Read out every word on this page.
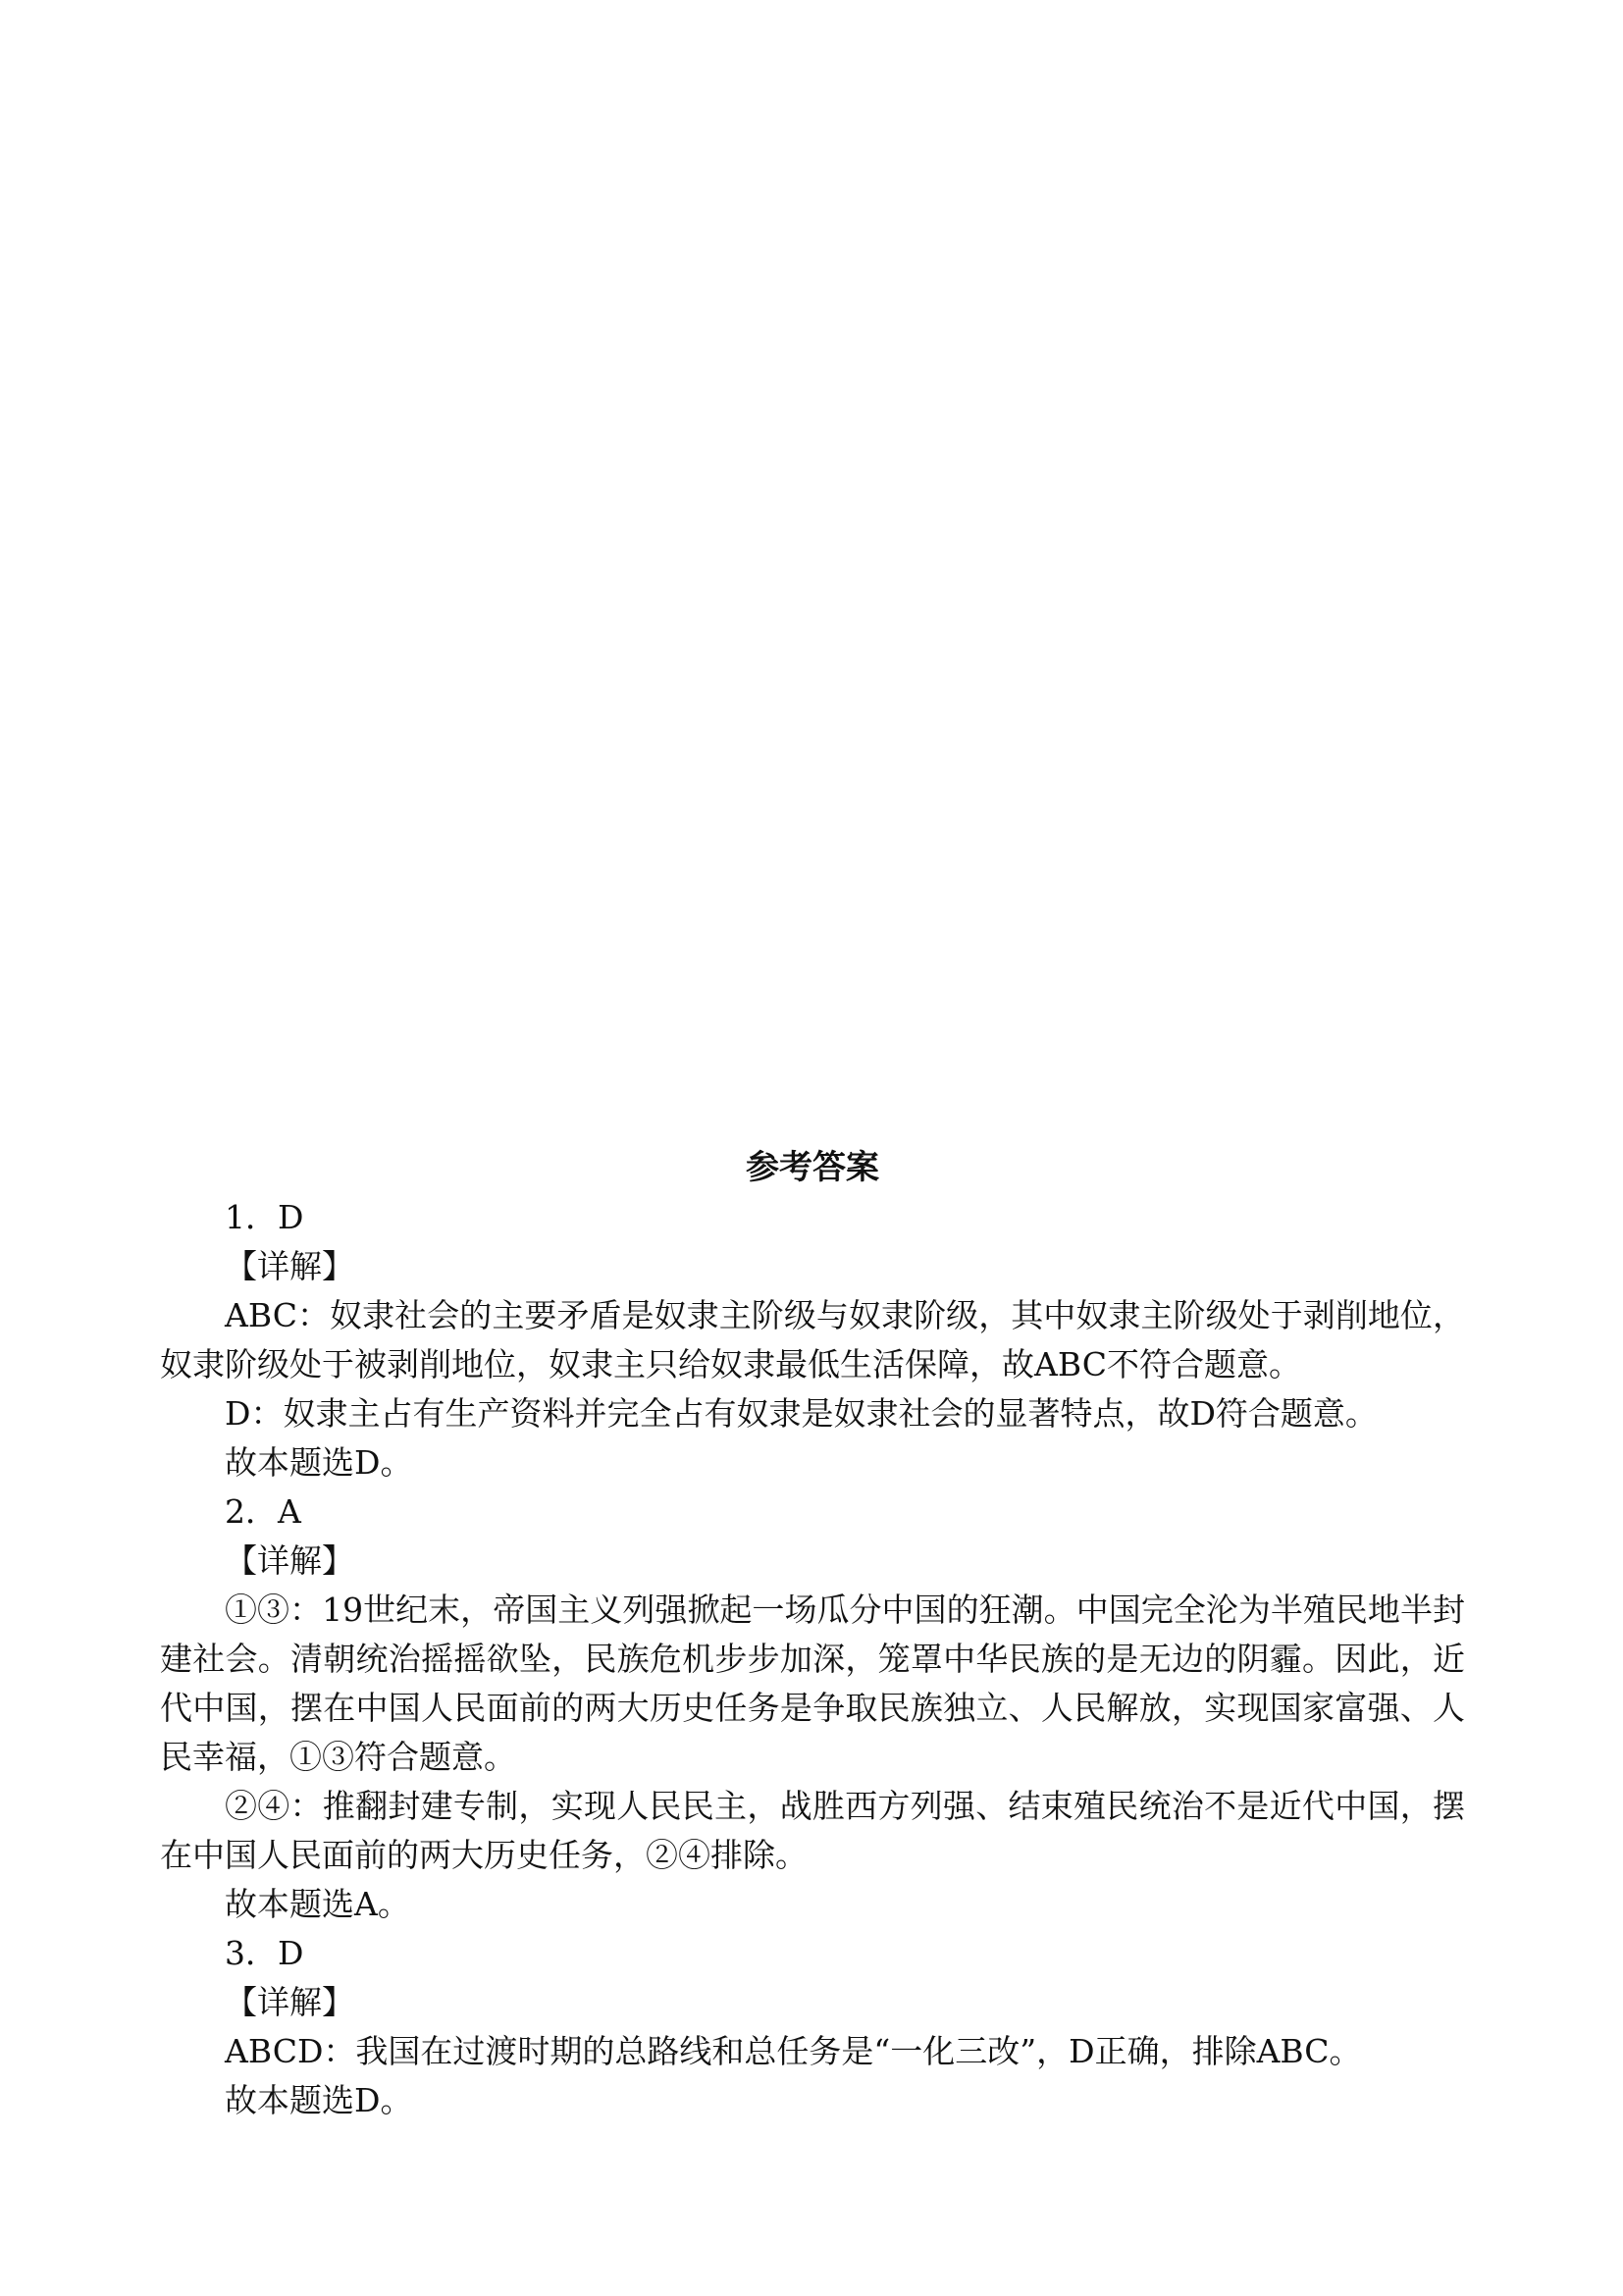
参考答案
1．D
【详解】

ABC：奴隶社会的主要矛盾是奴隶主阶级与奴隶阶级，其中奴隶主阶级处于剥削地位，奴隶阶级处于被剥削地位，奴隶主只给奴隶最低生活保障，故ABC不符合题意。

D：奴隶主占有生产资料并完全占有奴隶是奴隶社会的显著特点，故D符合题意。

故本题选D。

2．A
【详解】

①③：19世纪末，帝国主义列强掀起一场瓜分中国的狂潮。中国完全沦为半殖民地半封建社会。清朝统治摇摇欲坠，民族危机步步加深，笼罩中华民族的是无边的阴霾。因此，近代中国，摆在中国人民面前的两大历史任务是争取民族独立、人民解放，实现国家富强、人民幸福，①③符合题意。

②④：推翻封建专制，实现人民民主，战胜西方列强、结束殖民统治不是近代中国，摆在中国人民面前的两大历史任务，②④排除。

故本题选A。

3．D
【详解】

ABCD：我国在过渡时期的总路线和总任务是“一化三改”，D正确，排除ABC。

故本题选D。
